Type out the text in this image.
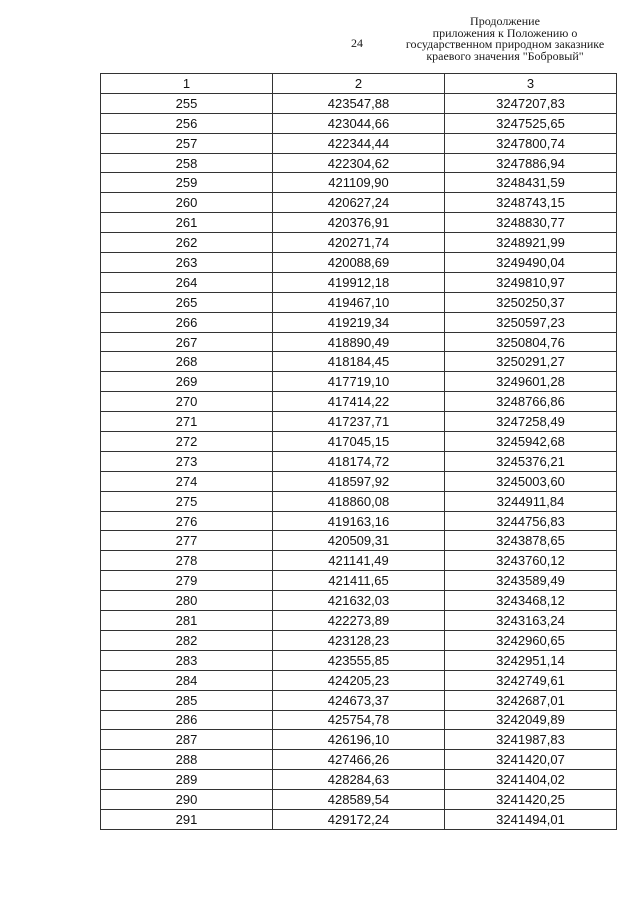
24
Продолжение
приложения к Положению о
государственном природном заказнике
краевого значения "Бобровый"
1	2	3
255	423547,88	3247207,83
256	423044,66	3247525,65
257	422344,44	3247800,74
258	422304,62	3247886,94
259	421109,90	3248431,59
260	420627,24	3248743,15
261	420376,91	3248830,77
262	420271,74	3248921,99
263	420088,69	3249490,04
264	419912,18	3249810,97
265	419467,10	3250250,37
266	419219,34	3250597,23
267	418890,49	3250804,76
268	418184,45	3250291,27
269	417719,10	3249601,28
270	417414,22	3248766,86
271	417237,71	3247258,49
272	417045,15	3245942,68
273	418174,72	3245376,21
274	418597,92	3245003,60
275	418860,08	3244911,84
276	419163,16	3244756,83
277	420509,31	3243878,65
278	421141,49	3243760,12
279	421411,65	3243589,49
280	421632,03	3243468,12
281	422273,89	3243163,24
282	423128,23	3242960,65
283	423555,85	3242951,14
284	424205,23	3242749,61
285	424673,37	3242687,01
286	425754,78	3242049,89
287	426196,10	3241987,83
288	427466,26	3241420,07
289	428284,63	3241404,02
290	428589,54	3241420,25
291	429172,24	3241494,01
